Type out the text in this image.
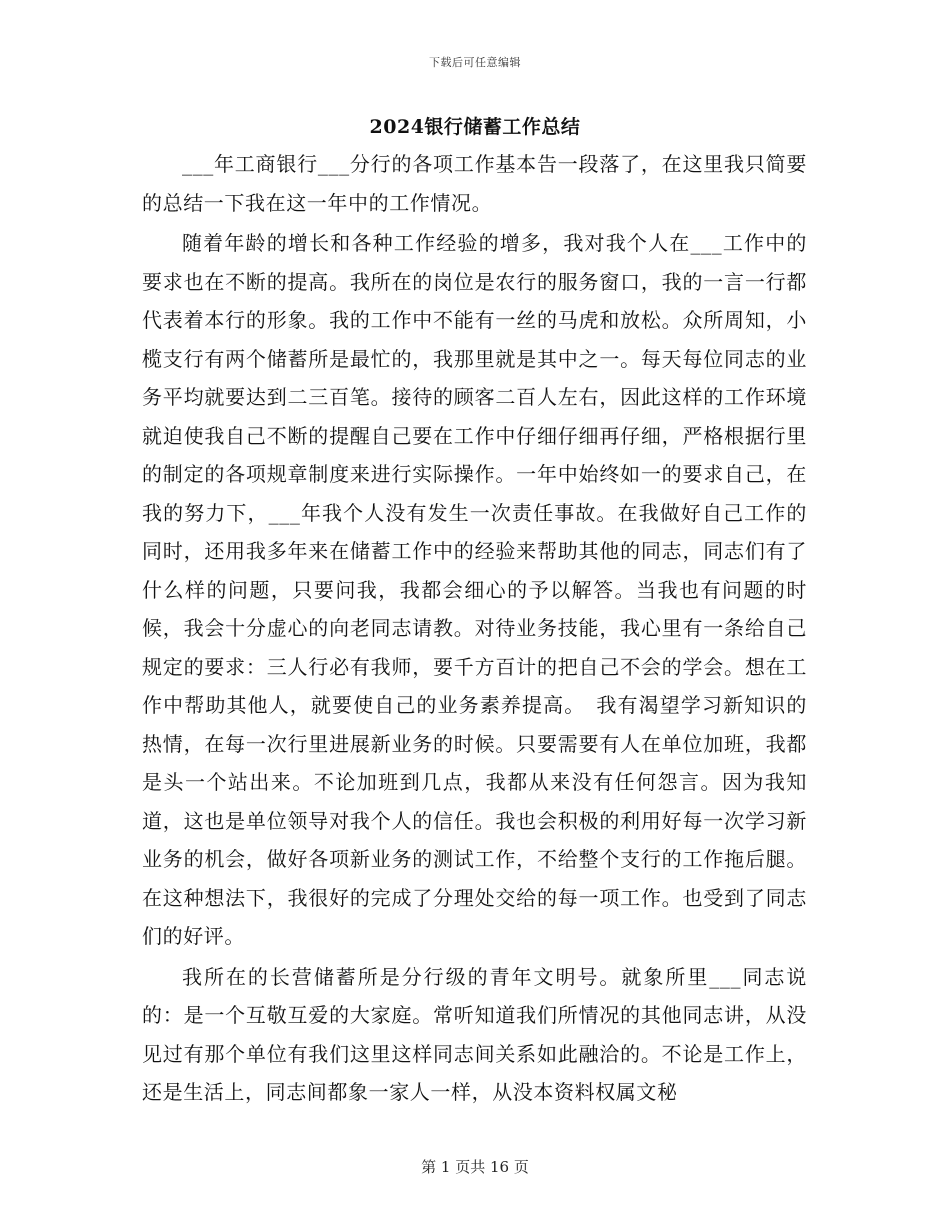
下载后可任意编辑
2024银行储蓄工作总结

___年工商银行___分行的各项工作基本告一段落了，在这里我只简要的总结一下我在这一年中的工作情况。

随着年龄的增长和各种工作经验的增多，我对我个人在___工作中的要求也在不断的提高。我所在的岗位是农行的服务窗口，我的一言一行都代表着本行的形象。我的工作中不能有一丝的马虎和放松。众所周知，小榄支行有两个储蓄所是最忙的，我那里就是其中之一。每天每位同志的业务平均就要达到二三百笔。接待的顾客二百人左右，因此这样的工作环境就迫使我自己不断的提醒自己要在工作中仔细仔细再仔细，严格根据行里的制定的各项规章制度来进行实际操作。一年中始终如一的要求自己，在我的努力下，___年我个人没有发生一次责任事故。在我做好自己工作的同时，还用我多年来在储蓄工作中的经验来帮助其他的同志，同志们有了什么样的问题，只要问我，我都会细心的予以解答。当我也有问题的时候，我会十分虚心的向老同志请教。对待业务技能，我心里有一条给自己规定的要求：三人行必有我师，要千方百计的把自己不会的学会。想在工作中帮助其他人，就要使自己的业务素养提高。　我有渴望学习新知识的热情，在每一次行里进展新业务的时候。只要需要有人在单位加班，我都是头一个站出来。不论加班到几点，我都从来没有任何怨言。因为我知道，这也是单位领导对我个人的信任。我也会积极的利用好每一次学习新业务的机会，做好各项新业务的测试工作，不给整个支行的工作拖后腿。在这种想法下，我很好的完成了分理处交给的每一项工作。也受到了同志们的好评。

我所在的长营储蓄所是分行级的青年文明号。就象所里___同志说的：是一个互敬互爱的大家庭。常听知道我们所情况的其他同志讲，从没见过有那个单位有我们这里这样同志间关系如此融洽的。不论是工作上，还是生活上，同志间都象一家人一样，从没本资料权属文秘

第 1 页共 16 页
